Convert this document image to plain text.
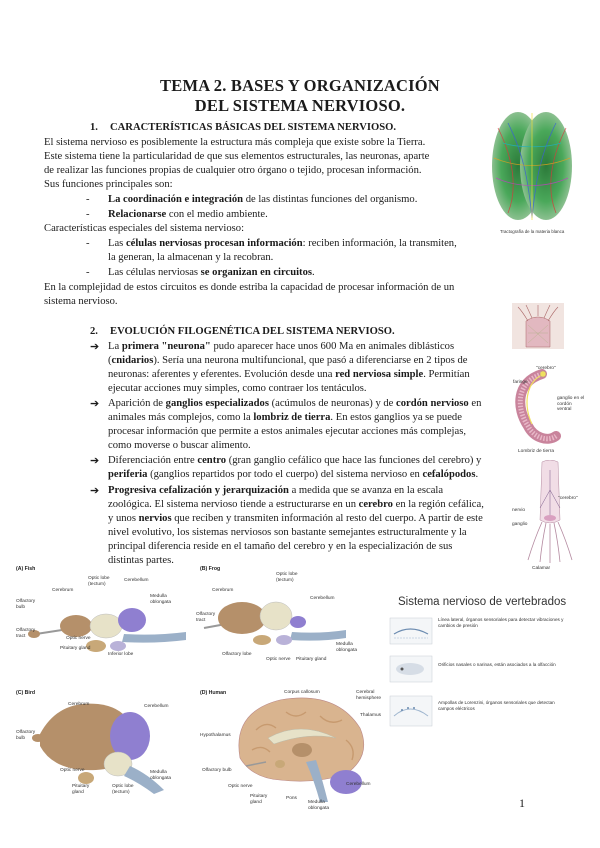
TEMA 2. BASES Y ORGANIZACIÓN
DEL SISTEMA NERVIOSO.
1. CARACTERÍSTICAS BÁSICAS DEL SISTEMA NERVIOSO.
El sistema nervioso es posiblemente la estructura más compleja que existe sobre la Tierra.
Este sistema tiene la particularidad de que sus elementos estructurales, las neuronas, aparte
de realizar las funciones propias de cualquier otro órgano o tejido, procesan información.
Sus funciones principales son:
- La coordinación e integración de las distintas funciones del organismo.
- Relacionarse con el medio ambiente.
Características especiales del sistema nervioso:
- Las células nerviosas procesan información: reciben información, la transmiten,
la generan, la almacenan y la recobran.
- Las células nerviosas se organizan en circuitos.
En la complejidad de estos circuitos es donde estriba la capacidad de procesar información de un
sistema nervioso.
2. EVOLUCIÓN FILOGENÉTICA DEL SISTEMA NERVIOSO.
➔ La primera "neurona" pudo aparecer hace unos 600 Ma en animales diblásticos
(cnidarios). Sería una neurona multifuncional, que pasó a diferenciarse en 2 tipos de
neuronas: aferentes y eferentes. Evolución desde una red nerviosa simple. Permitían
ejecutar acciones muy simples, como contraer los tentáculos.
➔ Aparición de ganglios especializados (acúmulos de neuronas) y de cordón nervioso en
animales más complejos, como la lombriz de tierra. En estos ganglios ya se puede
procesar información que permite a estos animales ejecutar acciones más complejas,
como moverse o buscar alimento.
➔ Diferenciación entre centro (gran ganglio cefálico que hace las funciones del cerebro) y
periferia (ganglios repartidos por todo el cuerpo) del sistema nervioso en cefalópodos.
➔ Progresiva cefalización y jerarquización a medida que se avanza en la escala
zoológica. El sistema nervioso tiende a estructurarse en un cerebro en la región cefálica,
y unos nervios que reciben y transmiten información al resto del cuerpo. A partir de este
nivel evolutivo, los sistemas nerviosos son bastante semejantes estructuralmente y la
principal diferencia reside en el tamaño del cerebro y en la especialización de sus
distintas partes.
Tractografía de la materia blanca
"cerebro"
faringe
ganglio en el cordón ventral
Lombriz de tierra
"cerebro"
nervio
ganglio
Calamar
(A) Fish
Olfactory bulb
Cerebrum
Optic lobe (tectum)
Cerebellum
Medulla oblongata
Olfactory tract	Optic nerve
Pituitary gland
Inferior lobe
(B) Frog
Optic lobe (tectum)
Cerebrum
Cerebellum
Olfactory tract
Olfactory lobe
Optic nerve Pituitary gland
Medulla oblongata
(C) Bird
Cerebrum	Cerebellum
Olfactory bulb
Optic nerve
Pituitary gland
Optic lobe (tectum)
Medulla oblongata
(D) Human	Corpus callosum	Cerebral hemisphere
Thalamus
Hypothalamus
Olfactory bulb
Optic nerve
Pituitary gland
Pons
Cerebellum
Medulla oblongata
Sistema nervioso de vertebrados
Línea lateral, órganos sensoriales para detectar vibraciones y cambios de presión
Orificios nasales o narinas, están asociados a la olfacción
Ampollas de Lorenzini, órganos sensoriales que detectan campos eléctricos
1
